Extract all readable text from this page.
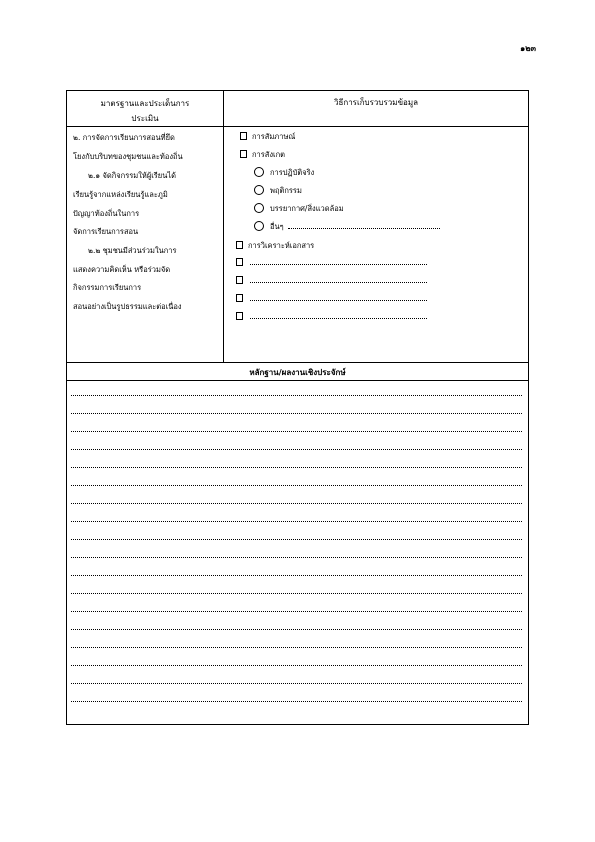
๑๒๓
มาตรฐานและประเด็นการ
ประเมิน
วิธีการเก็บรวบรวมข้อมูล
๒. การจัดการเรียนการสอนที่ยึด
โยงกับบริบทของชุมชนและท้องถิ่น
๒.๑ จัดกิจกรรมให้ผู้เรียนได้
เรียนรู้จากแหล่งเรียนรู้และภูมิ
ปัญญาท้องถิ่นในการ
จัดการเรียนการสอน
๒.๒ ชุมชนมีส่วนร่วมในการ
แสดงความคิดเห็น หรือร่วมจัด
กิจกรรมการเรียนการ
สอนอย่างเป็นรูปธรรมและต่อเนื่อง
การสัมภาษณ์
การสังเกต
การปฏิบัติจริง
พฤติกรรม
บรรยากาศ/สิ่งแวดล้อม
อื่นๆ
การวิเคราะห์เอกสาร
หลักฐาน/ผลงานเชิงประจักษ์
